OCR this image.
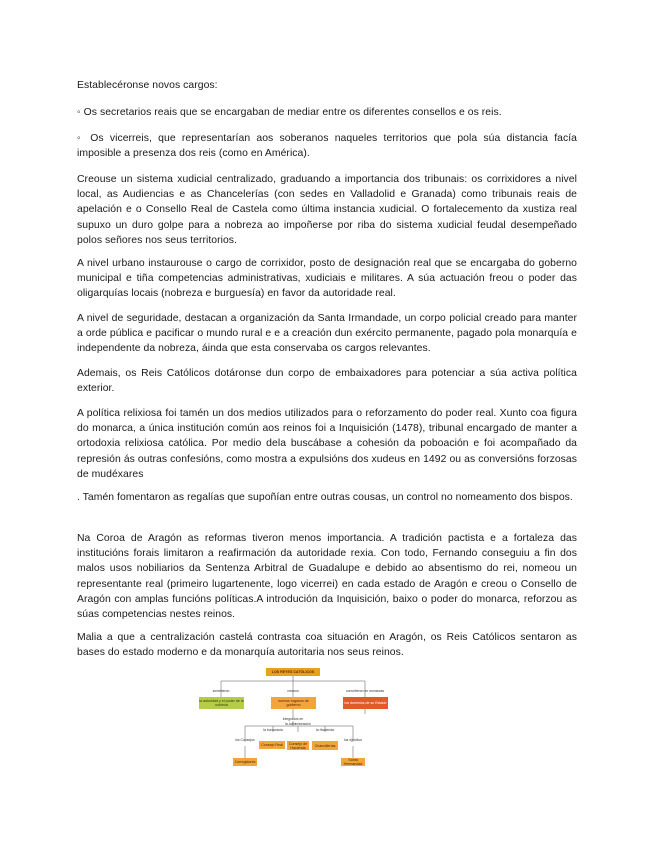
Establecéronse novos cargos:

◦ Os secretarios reais que se encargaban de mediar entre os diferentes consellos e os reis.

◦ Os vicerreis, que representarían aos soberanos naqueles territorios que pola súa distancia facía imposible a presenza dos reis (como en América).

Creouse un sistema xudicial centralizado, graduando a importancia dos tribunais: os corrixidores a nivel local, as Audiencias e as Chancelerías (con sedes en Valladolid e Granada) como tribunais reais de apelación e o Consello Real de Castela como última instancia xudicial. O fortalecemento da xustiza real supuxo un duro golpe para a nobreza ao impoñerse por riba do sistema xudicial feudal desempeñado polos señores nos seus territorios.

A nivel urbano instaurouse o cargo de corrixidor, posto de designación real que se encargaba do goberno municipal e tiña competencias administrativas, xudiciais e militares. A súa actuación freou o poder das oligarquías locais (nobreza e burguesía) en favor da autoridade real.

A nivel de seguridade, destacan a organización da Santa Irmandade, un corpo policial creado para manter a orde pública e pacificar o mundo rural e e a creación dun exército permanente, pagado pola monarquía e independente da nobreza, áinda que esta conservaba os cargos relevantes.

Ademais, os Reis Católicos dotáronse dun corpo de embaixadores para potenciar a súa activa política exterior.

A política relixiosa foi tamén un dos medios utilizados para o reforzamento do poder real. Xunto coa figura do monarca, a única institución común aos reinos foi a Inquisición (1478), tribunal encargado de manter a ortodoxia relixiosa católica. Por medio dela buscábase a cohesión da poboación e foi acompañado da represión ás outras confesións, como mostra a expulsións dos xudeus en 1492 ou as conversións forzosas de mudéxares

. Tamén fomentaron as regalías que supoñían entre outras cousas, un control no nomeamento dos bispos.

Na Coroa de Aragón as reformas tiveron menos importancia. A tradición pactista e a fortaleza das institucións forais limitaron a reafirmación da autoridade rexia. Con todo, Fernando conseguiu a fin dos malos usos nobiliarios da Sentenza Arbitral de Guadalupe e debido ao absentismo do rei, nomeou un representante real (primeiro lugartenente, logo vicerrei) en cada estado de Aragón e creou o Consello de Aragón con amplas funcións políticas.A introdución da Inquisición, baixo o poder do monarca, reforzou as súas competencias nestes reinos.

Malia a que a centralización castelá contrasta coa situación en Aragón, os Reis Católicos sentaron as bases do estado moderno e da monarquía autoritaria nos seus reinos.

LOS REYES CATÓLICOS
sometieron	crearon	convirtieron en monarcas
la autoridad y el poder de la nobleza
nuevos órganos de gobierno	los dominios de su Estado
integrados en
los Consejos
la burocracia
la Administración
la Hacienda
los ejércitos
Consejo Real	Consejo de Hacienda	Chancillerías
Corregidores	Santa Hermandad
